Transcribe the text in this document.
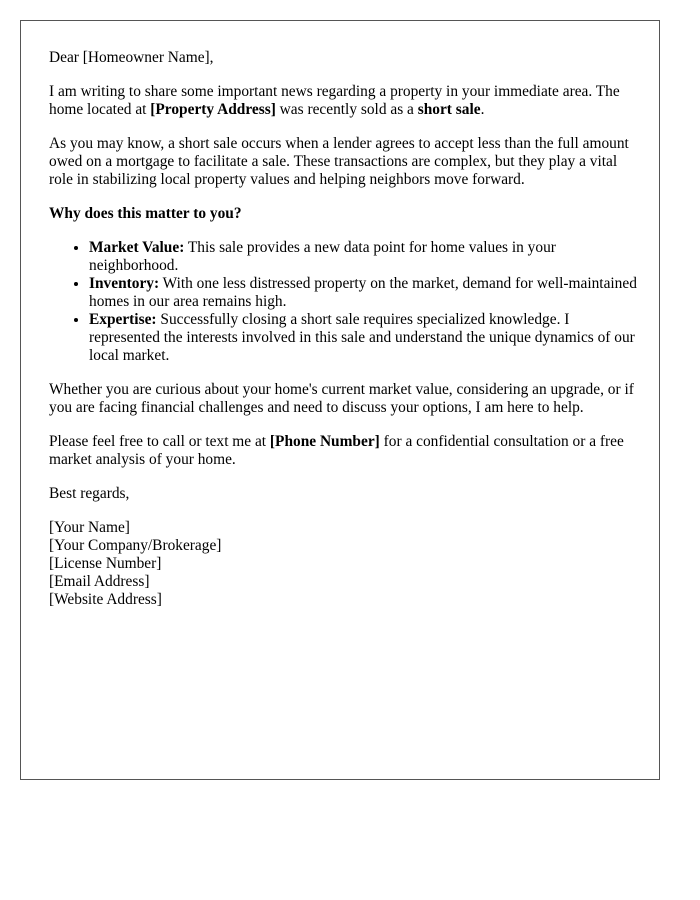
Dear [Homeowner Name],

I am writing to share some important news regarding a property in your immediate area. The home located at [Property Address] was recently sold as a short sale.

As you may know, a short sale occurs when a lender agrees to accept less than the full amount owed on a mortgage to facilitate a sale. These transactions are complex, but they play a vital role in stabilizing local property values and helping neighbors move forward.

Why does this matter to you?

• Market Value: This sale provides a new data point for home values in your neighborhood.
• Inventory: With one less distressed property on the market, demand for well-maintained homes in our area remains high.
• Expertise: Successfully closing a short sale requires specialized knowledge. I represented the interests involved in this sale and understand the unique dynamics of our local market.

Whether you are curious about your home's current market value, considering an upgrade, or if you are facing financial challenges and need to discuss your options, I am here to help.

Please feel free to call or text me at [Phone Number] for a confidential consultation or a free market analysis of your home.

Best regards,

[Your Name]
[Your Company/Brokerage]
[License Number]
[Email Address]
[Website Address]
